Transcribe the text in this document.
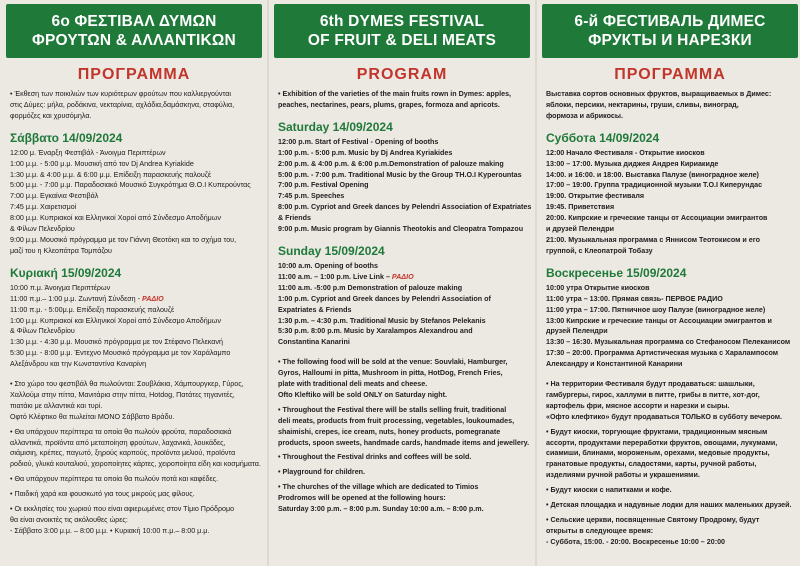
6ο ΦΕΣΤΙΒΑΛ ΔΥΜΩΝ
ΦΡΟΥΤΩΝ & ΑΛΛΑΝΤΙΚΩΝ
ΠΡΟΓΡΑΜΜΑ
• Έκθεση των ποικιλιών των κυριότερων φρούτων που καλλιεργούνται
στις Δύμες: μήλα, ροδάκινα, νεκταρίνια, αχλάδια,δαμάσκηνα, σταφύλια,
φορμόζες και χρυσόμηλα.
Σάββατο 14/09/2024
12:00 μ. Έναρξη Φεστιβάλ - Άνοιγμα Περιπτέρων
1:00 μ.μ. - 5:00 μ.μ. Μουσική από τον Dj Andrea Kyriakide
1:30 μ.μ. & 4:00 μ.μ. & 6:00 μ.μ. Επίδειξη παρασκευής παλουζέ
5:00 μ.μ. - 7:00 μ.μ. Παραδοσιακό Μουσικό Συγκρότημα Θ.Ο.Ι Κυπερούντας
7:00 μ.μ. Εγκαίνια Φεστιβάλ
7:45 μ.μ. Χαιρετισμοί
8:00 μ.μ. Κυπριακοί και Ελληνικοί Χοροί από Σύνδεσμο Αποδήμων
& Φίλων Πελενδρίου
9:00 μ.μ. Μουσικό πρόγραμμα με τον Γιάννη Θεοτόκη και το σχήμα του,
μαζί του η Κλεοπάτρα Τομπάζου
Κυριακή 15/09/2024
10:00 π.μ. Άνοιγμα Περιπτέρων
11:00 π.μ.– 1:00 μ.μ. Ζωντανή Σύνδεση - ΡΑΔΙΟ
11:00 π.μ. - 5:00μ.μ. Επίδειξη παρασκευής παλουζέ
1:00 μ.μ. Κυπριακοί και Ελληνικοί Χοροί από Σύνδεσμο Αποδήμων
& Φίλων Πελενδρίου
1:30 μ.μ. - 4:30 μ.μ. Μουσικό πρόγραμμα με τον Στέφανο Πελεκανή
5:30 μ.μ. - 8:00 μ.μ. Έντεχνο Μουσικό πρόγραμμα με τον Χαράλαμπο
Αλεξάνδρου και την Κωνσταντίνα Καναρίνη
• Στο χώρο του φεστιβάλ θα πωλούνται: Σουβλάκια, Χάμπουργκερ, Γύρος,
Χαλλούμι στην πίττα, Μανιτάρια στην πίττα, Hotdog, Πατάτες τηγανιτές,
πιατάκι με αλλαντικά και τυρί.
Οφτό Κλέφτικο θα πωλείται ΜΟΝΟ Σάββατο Βράδυ.
• Θα υπάρχουν περίπτερα τα οποία θα πωλούν φρούτα, παραδοσιακά
αλλαντικά, προϊόντα από μεταποίηση φρούτων, λαχανικά, λουκάδες,
σιάμισιη, κρέπες, παγωτό, ξηρούς καρπούς, προϊόντα μελιού, προϊόντα
ροδιού, γλυκά κουταλιού, χειροποίητες κάρτες, χειροποίητα είδη και κοσμήματα.
• Θα υπάρχουν περίπτερα τα οποία θα πωλούν ποτά και καφέδες.
• Παιδική χαρά και φουσκωτό για τους μικρούς μας φίλους.
• Οι εκκλησίες του χωριού που είναι αφιερωμένες στον Τίμιο Πρόδρομο
θα είναι ανοικτές τις ακόλουθες ώρες:
- Σάββατο 3:00 μ.μ. – 8:00 μ.μ. • Κυριακή 10:00 π.μ.– 8:00 μ.μ.
6th DYMES FESTIVAL
OF FRUIT & DELI MEATS
PROGRAM
• Exhibition of the varieties of the main fruits rown in Dymes: apples,
peaches, nectarines, pears, plums, grapes, formoza and apricots.
Saturday 14/09/2024
12:00 p.m. Start of Festival - Opening of booths
1:00 p.m. - 5:00 p.m. Music by Dj Andrea Kyriakides
2:00 p.m. & 4:00 p.m. & 6:00 p.m.Demonstration of palouze making
5:00 p.m. - 7:00 p.m. Traditional Music by the Group TH.O.I Kyperountas
7:00 p.m. Festival Opening
7:45 p.m. Speeches
8:00 p.m. Cypriot and Greek dances by Pelendri Association of Expatriates
& Friends
9:00 p.m. Music program by Giannis Theotokis and Cleopatra Tompazou
Sunday 15/09/2024
10:00 a.m. Opening of booths
11:00 a.m. – 1:00 p.m. Live Link – ΡΑΔΙΟ
11:00 a.m. -5:00 p.m Demonstration of palouze making
1:00 p.m. Cypriot and Greek dances by Pelendri Association of
Expatriates & Friends
1:30 p.m. – 4:30 p.m. Traditional Music by Stefanos Pelekanis
5:30 p.m. 8:00 p.m. Music by Xaralampos Alexandrou and
Constantina Kanarini
• The following food will be sold at the venue: Souvlaki, Hamburger,
Gyros, Halloumi in pitta, Mushroom in pitta, HotDog, French Fries,
plate with traditional deli meats and cheese.
Ofto Kleftiko will be sold ONLY on Saturday night.
• Throughout the Festival there will be stalls selling fruit, traditional
deli meats, products from fruit processing, vegetables, loukoumades,
shaimishi, crepes, ice cream, nuts, honey products, pomegranate
products, spoon sweets, handmade cards, handmade items and jewellery.
• Throughout the Festival drinks and coffees will be sold.
• Playground for children.
• The churches of the village which are dedicated to Timios
Prodromos will be opened at the following hours:
Saturday 3:00 p.m. – 8:00 p.m. Sunday 10:00 a.m. – 8:00 p.m.
6-й ФЕСТИВАЛЬ ДИМЕС
ФРУКТЫ И НАРЕЗКИ
ПРОГРАММА
Выставка сортов основных фруктов, выращиваемых в Димес:
яблоки, персики, нектарины, груши, сливы, виноград,
формоза и абрикосы.
Суббота 14/09/2024
12:00 Начало Фестиваля - Открытие киосков
13:00 – 17:00. Музыка диджея Андрея Кириакиде
14:00. и 16:00. и 18:00. Выставка Палузе (виноградное желе)
17:00 – 19:00. Группа традиционной музыки Т.О.І Киперундас
19:00. Открытие фестиваля
19:45. Приветствия
20:00. Кипрские и греческие танцы от Ассоциации эмигрантов
и друзей Пелендри
21:00. Музыкальная программа с Яннисом Теотокисом и его
группой, с Клеопатрой Тобазу
Воскресенье 15/09/2024
10:00 утра Открытие киосков
11:00 утра – 13:00. Прямая связь- ПЕРВОЕ РАДИО
11:00 утра – 17:00. Пятничное шоу Палузе (виноградное желе)
13:00 Кипрские и греческие танцы от Ассоциации эмигрантов и
друзей Пелендри
13:30 – 16:30. Музыкальная программа со Стефаносом Пелеканисом
17:30 – 20:00. Программа Артистическая музыка с Харалампосом
Александру и Константиной Канарини
• На территории Фестиваля будут продаваться: шашлыки,
гамбургеры, гирос, халлуми в питте, грибы в питте, хот-дог,
картофель фри, мясное ассорти и нарезки и сыры.
«Офто клефтико» будут продаваться ТОЛЬКО в субботу вечером.
• Будут киоски, торгующие фруктами, традиционным мясным
ассорти, продуктами переработки фруктов, овощами, лукумами,
сиамиши, блинами, мороженым, орехами, медовые продукты,
гранатовые продукты, сладостями, карты, ручной работы,
изделиями ручной работы и украшениями.
• Будут киоски с напитками и кофе.
• Детская площадка и надувные лодки для наших маленьких друзей.
• Сельские церкви, посвященные Святому Продрому, будут
открыты в следующее время:
- Суббота, 15:00. - 20:00. Воскресенье 10:00 – 20:00
